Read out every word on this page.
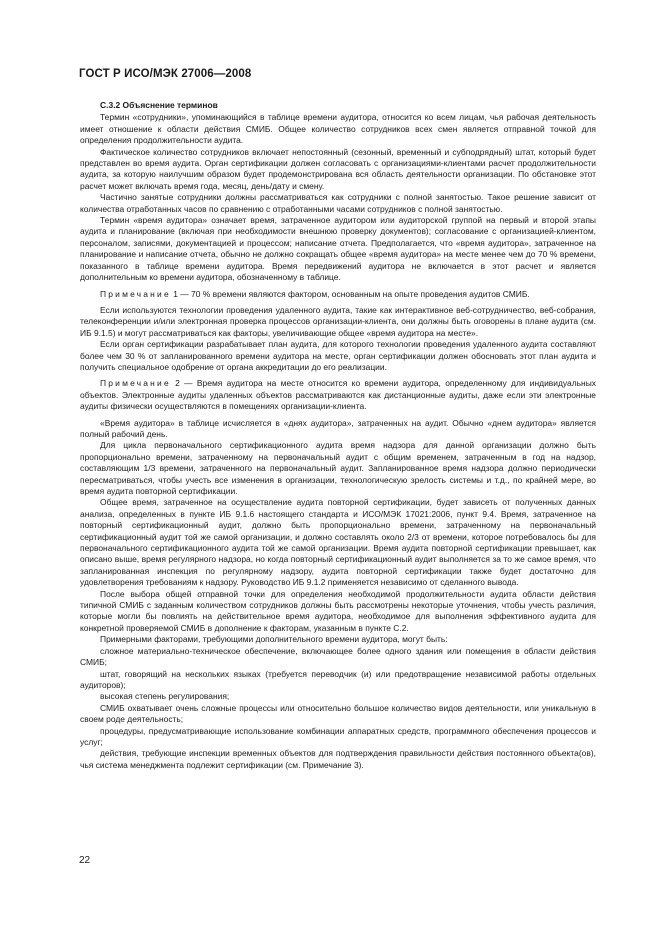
ГОСТ Р ИСО/МЭК 27006—2008

С.3.2 Объяснение терминов

Термин «сотрудники», упоминающийся в таблице времени аудитора, относится ко всем лицам, чья рабочая деятельность имеет отношение к области действия СМИБ. Общее количество сотрудников всех смен является отправной точкой для определения продолжительности аудита.

Фактическое количество сотрудников включает непостоянный (сезонный, временный и субподрядный) штат, который будет представлен во время аудита. Орган сертификации должен согласовать с организациями-клиентами расчет продолжительности аудита, за которую наилучшим образом будет продемонстрирована вся область деятельности организации. По обстановке этот расчет может включать время года, месяц, день/дату и смену.

Частично занятые сотрудники должны рассматриваться как сотрудники с полной занятостью. Такое решение зависит от количества отработанных часов по сравнению с отработанными часами сотрудников с полной занятостью.

Термин «время аудитора» означает время, затраченное аудитором или аудиторской группой на первый и второй этапы аудита и планирование (включая при необходимости внешнюю проверку документов); согласование с организацией-клиентом, персоналом, записями, документацией и процессом; написание отчета. Предполагается, что «время аудитора», затраченное на планирование и написание отчета, обычно не должно сокращать общее «время аудитора» на месте менее чем до 70 % времени, показанного в таблице времени аудитора. Время передвижений аудитора не включается в этот расчет и является дополнительным ко времени аудитора, обозначенному в таблице.

Примечание 1 — 70 % времени являются фактором, основанным на опыте проведения аудитов СМИБ.

Если используются технологии проведения удаленного аудита, такие как интерактивное веб-сотрудничество, веб-собрания, телеконференции и/или электронная проверка процессов организации-клиента, они должны быть оговорены в плане аудита (см. ИБ 9.1.5) и могут рассматриваться как факторы, увеличивающие общее «время аудитора на месте».

Если орган сертификации разрабатывает план аудита, для которого технологии проведения удаленного аудита составляют более чем 30 % от запланированного времени аудитора на месте, орган сертификации должен обосновать этот план аудита и получить специальное одобрение от органа аккредитации до его реализации.

Примечание 2 — Время аудитора на месте относится ко времени аудитора, определенному для индивидуальных объектов. Электронные аудиты удаленных объектов рассматриваются как дистанционные аудиты, даже если эти электронные аудиты физически осуществляются в помещениях организации-клиента.

«Время аудитора» в таблице исчисляется в «днях аудитора», затраченных на аудит. Обычно «днем аудитора» является полный рабочий день.

Для цикла первоначального сертификационного аудита время надзора для данной организации должно быть пропорционально времени, затраченному на первоначальный аудит с общим временем, затраченным в год на надзор, составляющим 1/3 времени, затраченного на первоначальный аудит. Запланированное время надзора должно периодически пересматриваться, чтобы учесть все изменения в организации, технологическую зрелость системы и т.д., по крайней мере, во время аудита повторной сертификации.

Общее время, затраченное на осуществление аудита повторной сертификации, будет зависеть от полученных данных анализа, определенных в пункте ИБ 9.1.6 настоящего стандарта и ИСО/МЭК 17021:2006, пункт 9.4. Время, затраченное на повторный сертификационный аудит, должно быть пропорционально времени, затраченному на первоначальный сертификационный аудит той же самой организации, и должно составлять около 2/3 от времени, которое потребовалось бы для первоначального сертификационного аудита той же самой организации. Время аудита повторной сертификации превышает, как описано выше, время регулярного надзора, но когда повторный сертификационный аудит выполняется за то же самое время, что запланированная инспекция по регулярному надзору, аудита повторной сертификации также будет достаточно для удовлетворения требованиям к надзору. Руководство ИБ 9.1.2 применяется независимо от сделанного вывода.

После выбора общей отправной точки для определения необходимой продолжительности аудита области действия типичной СМИБ с заданным количеством сотрудников должны быть рассмотрены некоторые уточнения, чтобы учесть различия, которые могли бы повлиять на действительное время аудитора, необходимое для выполнения эффективного аудита для конкретной проверяемой СМИБ в дополнение к факторам, указанным в пункте С.2.

Примерными факторами, требующими дополнительного времени аудитора, могут быть:

сложное материально-техническое обеспечение, включающее более одного здания или помещения в области действия СМИБ;

штат, говорящий на нескольких языках (требуется переводчик (и) или предотвращение независимой работы отдельных аудиторов);

высокая степень регулирования;

СМИБ охватывает очень сложные процессы или относительно большое количество видов деятельности, или уникальную в своем роде деятельность;

процедуры, предусматривающие использование комбинации аппаратных средств, программного обеспечения процессов и услуг;

действия, требующие инспекции временных объектов для подтверждения правильности действия постоянного объекта(ов), чья система менеджмента подлежит сертификации (см. Примечание 3).

22
